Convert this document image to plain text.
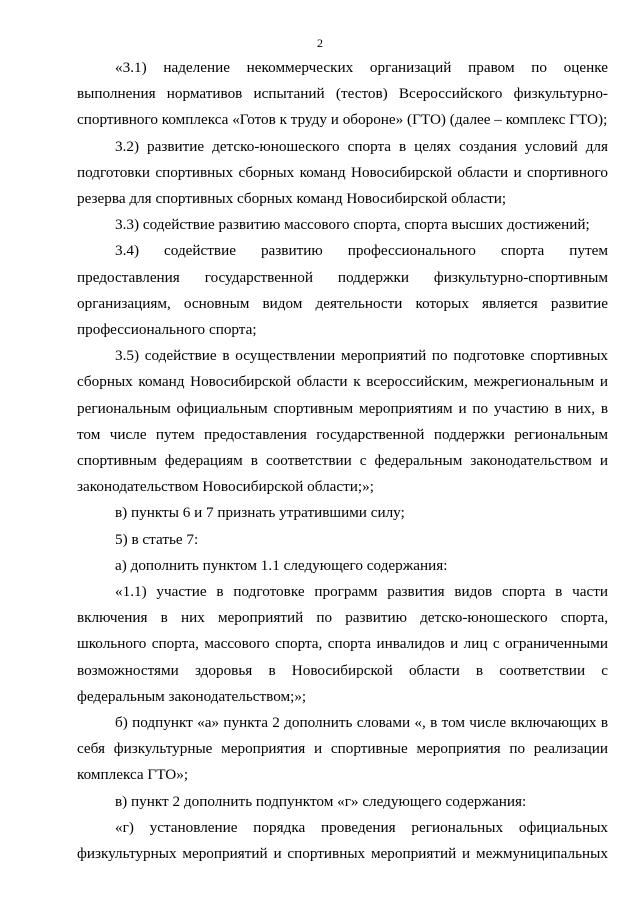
2

«3.1) наделение некоммерческих организаций правом по оценке выполнения нормативов испытаний (тестов) Всероссийского физкультурно-спортивного комплекса «Готов к труду и обороне» (ГТО) (далее – комплекс ГТО);

3.2) развитие детско-юношеского спорта в целях создания условий для подготовки спортивных сборных команд Новосибирской области и спортивного резерва для спортивных сборных команд Новосибирской области;

3.3) содействие развитию массового спорта, спорта высших достижений;

3.4) содействие развитию профессионального спорта путем предоставления государственной поддержки физкультурно-спортивным организациям, основным видом деятельности которых является развитие профессионального спорта;

3.5) содействие в осуществлении мероприятий по подготовке спортивных сборных команд Новосибирской области к всероссийским, межрегиональным и региональным официальным спортивным мероприятиям и по участию в них, в том числе путем предоставления государственной поддержки региональным спортивным федерациям в соответствии с федеральным законодательством и законодательством Новосибирской области;»;

в) пункты 6 и 7 признать утратившими силу;

5) в статье 7:

а) дополнить пунктом 1.1 следующего содержания:

«1.1) участие в подготовке программ развития видов спорта в части включения в них мероприятий по развитию детско-юношеского спорта, школьного спорта, массового спорта, спорта инвалидов и лиц с ограниченными возможностями здоровья в Новосибирской области в соответствии с федеральным законодательством;»;

б) подпункт «а» пункта 2 дополнить словами «, в том числе включающих в себя физкультурные мероприятия и спортивные мероприятия по реализации комплекса ГТО»;

в) пункт 2 дополнить подпунктом «г» следующего содержания:

«г) установление порядка проведения региональных официальных физкультурных мероприятий и спортивных мероприятий и межмуниципальных
